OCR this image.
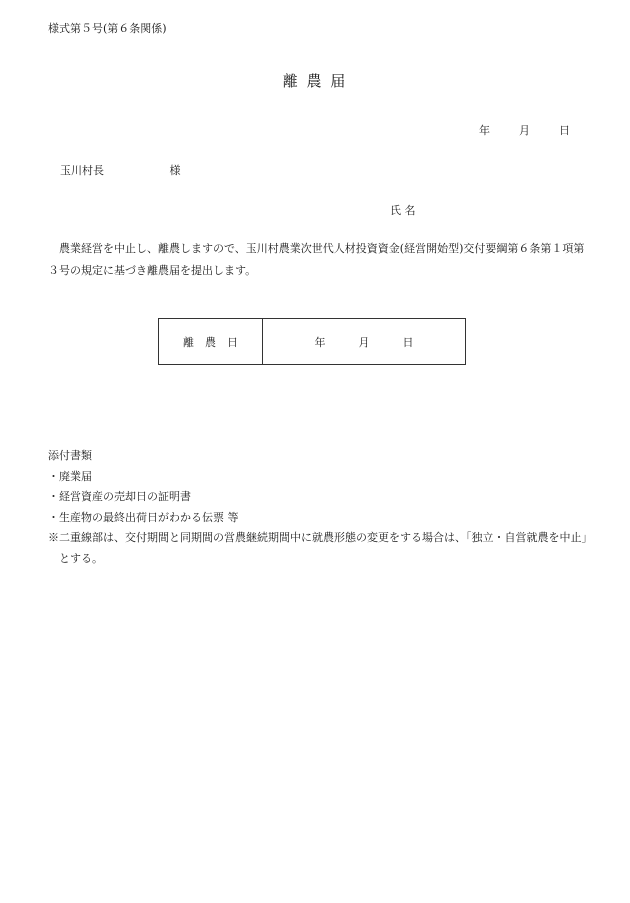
様式第５号(第６条関係)
離 農 届
年	月	日
玉川村長	様
氏 名
農業経営を中止し、離農しますので、玉川村農業次世代人材投資資金(経営開始型)交付要綱第６条第１項第３号の規定に基づき離農届を提出します。
離　農　日	年　　　月　　　日
添付書類
・廃業届
・経営資産の売却日の証明書
・生産物の最終出荷日がわかる伝票 等
※二重線部は、交付期間と同期間の営農継続期間中に就農形態の変更をする場合は、「独立・自営就農を中止」とする。
